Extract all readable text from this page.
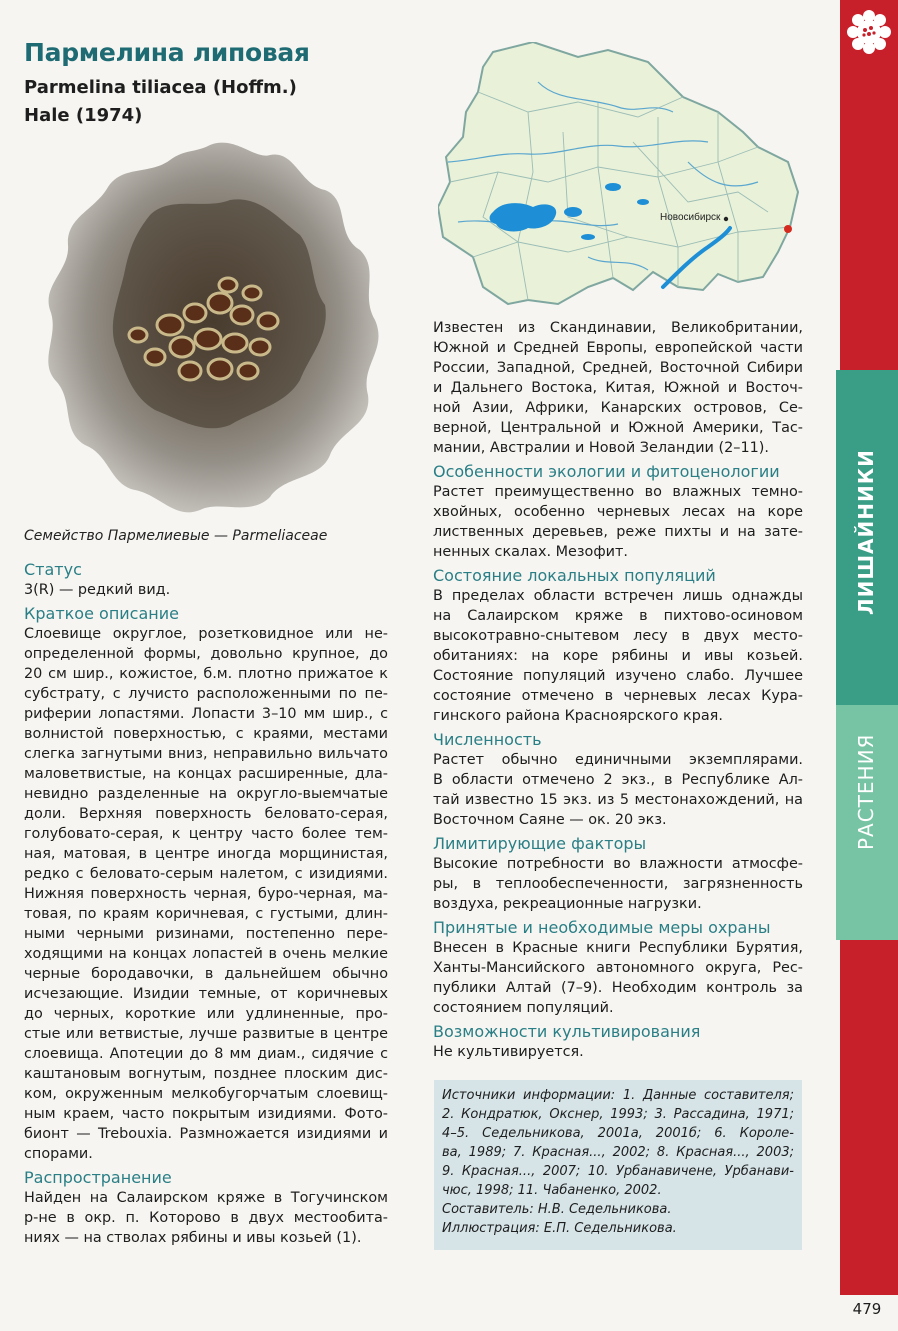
Пармелина липовая
Parmelina tiliacea (Hoffm.)
Hale (1974)
Семейство Пармелиевые — Parmeliaceae
Новосибирск
Статус

3(R) — редкий вид.

Краткое описание

Слоевище округлое, розетковидное или не-

определенной формы, довольно крупное, до

20 см шир., кожистое, б.м. плотно прижатое к

субстрату, с лучисто расположенными по пе-

риферии лопастями. Лопасти 3–10 мм шир., с

волнистой поверхностью, с краями, местами

слегка загнутыми вниз, неправильно вильчато

маловетвистые, на концах расширенные, дла-

невидно разделенные на округло-выемчатые

доли. Верхняя поверхность беловато-серая,

голубовато-серая, к центру часто более тем-

ная, матовая, в центре иногда морщинистая,

редко с беловато-серым налетом, с изидиями.

Нижняя поверхность черная, буро-черная, ма-

товая, по краям коричневая, с густыми, длин-

ными черными ризинами, постепенно пере-

ходящими на концах лопастей в очень мелкие

черные бородавочки, в дальнейшем обычно

исчезающие. Изидии темные, от коричневых

до черных, короткие или удлиненные, про-

стые или ветвистые, лучше развитые в центре

слоевища. Апотеции до 8 мм диам., сидячие с

каштановым вогнутым, позднее плоским дис-

ком, окруженным мелкобугорчатым слоевищ-

ным краем, часто покрытым изидиями. Фото-

бионт — Trebouxia. Размножается изидиями и

спорами.

Распространение

Найден на Салаирском кряже в Тогучинском

р-не в окр. п. Которово в двух местообита-

ниях — на стволах рябины и ивы козьей (1).

Известен из Скандинавии, Великобритании,

Южной и Средней Европы, европейской части

России, Западной, Средней, Восточной Сибири

и Дальнего Востока, Китая, Южной и Восточ-

ной Азии, Африки, Канарских островов, Се-

верной, Центральной и Южной Америки, Тас-

мании, Австралии и Новой Зеландии (2–11).

Особенности экологии и фитоценологии

Растет преимущественно во влажных темно-

хвойных, особенно черневых лесах на коре

лиственных деревьев, реже пихты и на зате-

ненных скалах. Мезофит.

Состояние локальных популяций

В пределах области встречен лишь однажды

на Салаирском кряже в пихтово-осиновом

высокотравно-снытевом лесу в двух место-

обитаниях: на коре рябины и ивы козьей.

Состояние популяций изучено слабо. Лучшее

состояние отмечено в черневых лесах Кура-

гинского района Красноярского края.

Численность

Растет обычно единичными экземплярами.

В области отмечено 2 экз., в Республике Ал-

тай известно 15 экз. из 5 местонахождений, на

Восточном Саяне — ок. 20 экз.

Лимитирующие факторы

Высокие потребности во влажности атмосфе-

ры, в теплообеспеченности, загрязненность

воздуха, рекреационные нагрузки.

Принятые и необходимые меры охраны

Внесен в Красные книги Республики Бурятия,

Ханты-Мансийского автономного округа, Рес-

публики Алтай (7–9). Необходим контроль за

состоянием популяций.

Возможности культивирования

Не культивируется.

Источники информации: 1. Данные составителя;

2. Кондратюк, Окснер, 1993; 3. Рассадина, 1971;

4–5. Седельникова, 2001а, 2001б; 6. Короле-

ва, 1989; 7. Красная..., 2002; 8. Красная..., 2003;

9. Красная..., 2007; 10. Урбанавичене, Урбанави-

чюс, 1998; 11. Чабаненко, 2002.

Составитель: Н.В. Седельникова.

Иллюстрация: Е.П. Седельникова.

ЛИШАЙНИКИ
РАСТЕНИЯ
479
